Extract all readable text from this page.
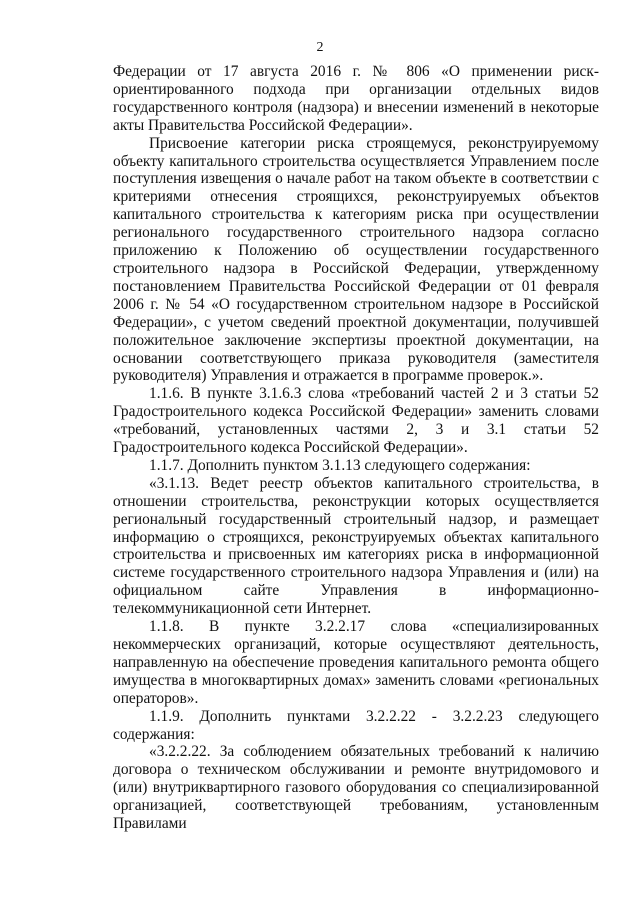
2

Федерации от 17 августа 2016 г. № 806 «О применении риск-ориентированного подхода при организации отдельных видов государственного контроля (надзора) и внесении изменений в некоторые акты Правительства Российской Федерации».

Присвоение категории риска строящемуся, реконструируемому объекту капитального строительства осуществляется Управлением после поступления извещения о начале работ на таком объекте в соответствии с критериями отнесения строящихся, реконструируемых объектов капитального строительства к категориям риска при осуществлении регионального государственного строительного надзора согласно приложению к Положению об осуществлении государственного строительного надзора в Российской Федерации, утвержденному постановлением Правительства Российской Федерации от 01 февраля 2006 г. № 54 «О государственном строительном надзоре в Российской Федерации», с учетом сведений проектной документации, получившей положительное заключение экспертизы проектной документации, на основании соответствующего приказа руководителя (заместителя руководителя) Управления и отражается в программе проверок.».

1.1.6. В пункте 3.1.6.3 слова «требований частей 2 и 3 статьи 52 Градостроительного кодекса Российской Федерации» заменить словами «требований, установленных частями 2, 3 и 3.1 статьи 52 Градостроительного кодекса Российской Федерации».

1.1.7. Дополнить пунктом 3.1.13 следующего содержания:

«3.1.13. Ведет реестр объектов капитального строительства, в отношении строительства, реконструкции которых осуществляется региональный государственный строительный надзор, и размещает информацию о строящихся, реконструируемых объектах капитального строительства и присвоенных им категориях риска в информационной системе государственного строительного надзора Управления и (или) на официальном сайте Управления в информационно-телекоммуникационной сети Интернет.

1.1.8. В пункте 3.2.2.17 слова «специализированных некоммерческих организаций, которые осуществляют деятельность, направленную на обеспечение проведения капитального ремонта общего имущества в многоквартирных домах» заменить словами «региональных операторов».

1.1.9. Дополнить пунктами 3.2.2.22 - 3.2.2.23 следующего содержания:

«3.2.2.22. За соблюдением обязательных требований к наличию договора о техническом обслуживании и ремонте внутридомового и (или) внутриквартирного газового оборудования со специализированной организацией, соответствующей требованиям, установленным Правилами
